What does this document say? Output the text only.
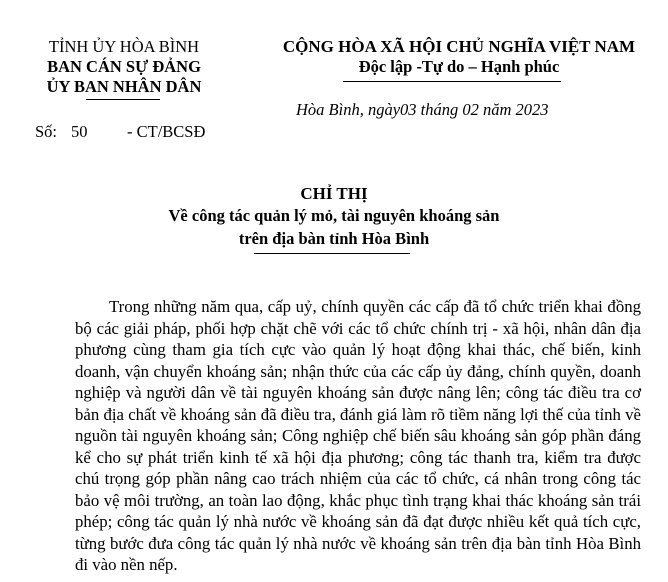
TỈNH ỦY HÒA BÌNH
BAN CÁN SỰ ĐẢNG
ỦY BAN NHÂN DÂN
CỘNG HÒA XÃ HỘI CHỦ NGHĨA VIỆT NAM
Độc lập -Tự do – Hạnh phúc
Hòa Bình, ngày03 tháng 02 năm 2023
Số: 50 - CT/BCSĐ
CHỈ THỊ
Về công tác quản lý mỏ, tài nguyên khoáng sản
trên địa bàn tỉnh Hòa Bình

Trong những năm qua, cấp uỷ, chính quyền các cấp đã tổ chức triển khai đồng bộ các giải pháp, phối hợp chặt chẽ với các tổ chức chính trị - xã hội, nhân dân địa phương cùng tham gia tích cực vào quản lý hoạt động khai thác, chế biến, kinh doanh, vận chuyển khoáng sản; nhận thức của các cấp ủy đảng, chính quyền, doanh nghiệp và người dân về tài nguyên khoáng sản được nâng lên; công tác điều tra cơ bản địa chất về khoáng sản đã điều tra, đánh giá làm rõ tiềm năng lợi thế của tỉnh về nguồn tài nguyên khoáng sản; Công nghiệp chế biến sâu khoáng sản góp phần đáng kể cho sự phát triển kinh tế xã hội địa phương; công tác thanh tra, kiểm tra được chú trọng góp phần nâng cao trách nhiệm của các tổ chức, cá nhân trong công tác bảo vệ môi trường, an toàn lao động, khắc phục tình trạng khai thác khoáng sản trái phép; công tác quản lý nhà nước về khoáng sản đã đạt được nhiều kết quả tích cực, từng bước đưa công tác quản lý nhà nước về khoáng sản trên địa bàn tỉnh Hòa Bình đi vào nền nếp.
